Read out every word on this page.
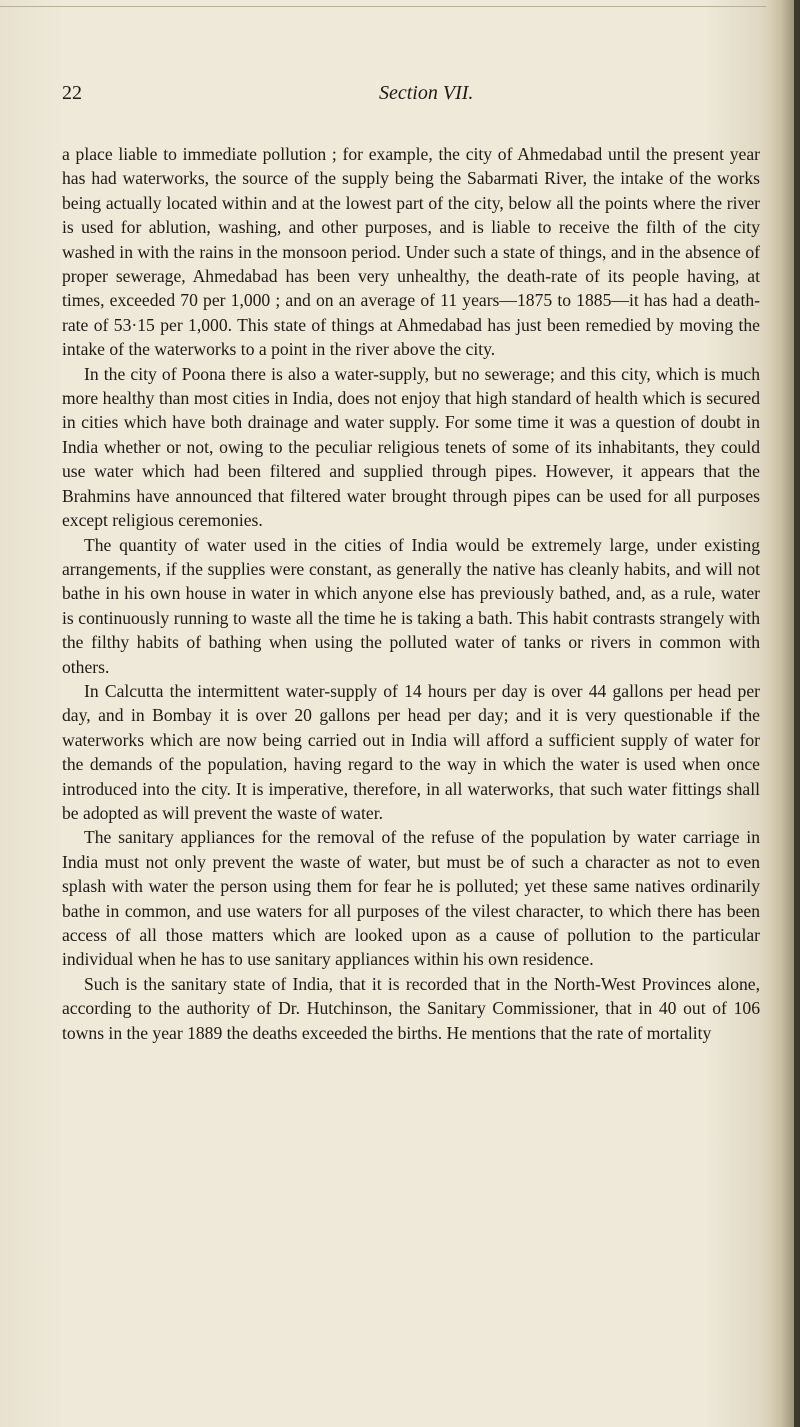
22	Section VII.

a place liable to immediate pollution ; for example, the city of Ahmedabad until the present year has had waterworks, the source of the supply being the Sabarmati River, the intake of the works being actually located within and at the lowest part of the city, below all the points where the river is used for ablution, washing, and other purposes, and is liable to receive the filth of the city washed in with the rains in the monsoon period. Under such a state of things, and in the absence of proper sewerage, Ahmedabad has been very unhealthy, the death-rate of its people having, at times, exceeded 70 per 1,000 ; and on an average of 11 years—1875 to 1885—it has had a death-rate of 53·15 per 1,000. This state of things at Ahmedabad has just been remedied by moving the intake of the waterworks to a point in the river above the city.

In the city of Poona there is also a water-supply, but no sewerage; and this city, which is much more healthy than most cities in India, does not enjoy that high standard of health which is secured in cities which have both drainage and water supply. For some time it was a question of doubt in India whether or not, owing to the peculiar religious tenets of some of its inhabitants, they could use water which had been filtered and supplied through pipes. However, it appears that the Brahmins have announced that filtered water brought through pipes can be used for all purposes except religious ceremonies.

The quantity of water used in the cities of India would be extremely large, under existing arrangements, if the supplies were constant, as generally the native has cleanly habits, and will not bathe in his own house in water in which anyone else has previously bathed, and, as a rule, water is continuously running to waste all the time he is taking a bath. This habit contrasts strangely with the filthy habits of bathing when using the polluted water of tanks or rivers in common with others.

In Calcutta the intermittent water-supply of 14 hours per day is over 44 gallons per head per day, and in Bombay it is over 20 gallons per head per day; and it is very questionable if the waterworks which are now being carried out in India will afford a sufficient supply of water for the demands of the population, having regard to the way in which the water is used when once introduced into the city. It is imperative, therefore, in all waterworks, that such water fittings shall be adopted as will prevent the waste of water.

The sanitary appliances for the removal of the refuse of the population by water carriage in India must not only prevent the waste of water, but must be of such a character as not to even splash with water the person using them for fear he is polluted; yet these same natives ordinarily bathe in common, and use waters for all purposes of the vilest character, to which there has been access of all those matters which are looked upon as a cause of pollution to the particular individual when he has to use sanitary appliances within his own residence.

Such is the sanitary state of India, that it is recorded that in the North-West Provinces alone, according to the authority of Dr. Hutchinson, the Sanitary Commissioner, that in 40 out of 106 towns in the year 1889 the deaths exceeded the births. He mentions that the rate of mortality
